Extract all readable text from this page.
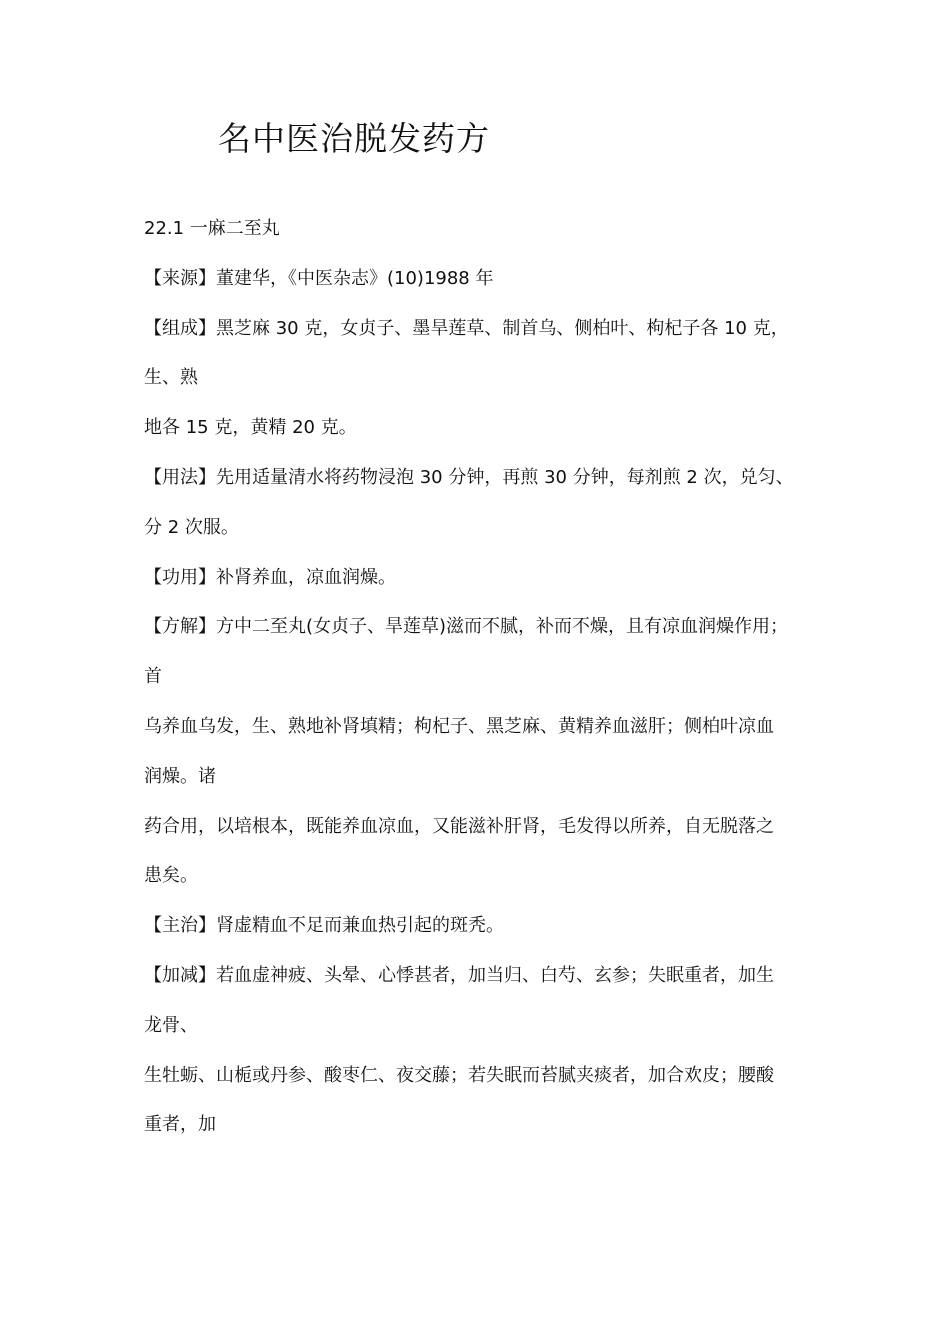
名中医治脱发药方
22.1 一麻二至丸
【来源】董建华，《中医杂志》(10)1988 年
【组成】黑芝麻 30 克，女贞子、墨旱莲草、制首乌、侧柏叶、枸杞子各 10 克，
生、熟
地各 15 克，黄精 20 克。
【用法】先用适量清水将药物浸泡 30 分钟，再煎 30 分钟，每剂煎 2 次，兑匀、
分 2 次服。
【功用】补肾养血，凉血润燥。
【方解】方中二至丸(女贞子、旱莲草)滋而不腻，补而不燥，且有凉血润燥作用；
首
乌养血乌发，生、熟地补肾填精；枸杞子、黑芝麻、黄精养血滋肝；侧柏叶凉血
润燥。诸
药合用，以培根本，既能养血凉血，又能滋补肝肾，毛发得以所养，自无脱落之
患矣。
【主治】肾虚精血不足而兼血热引起的斑秃。
【加减】若血虚神疲、头晕、心悸甚者，加当归、白芍、玄参；失眠重者，加生
龙骨、
生牡蛎、山栀或丹参、酸枣仁、夜交藤；若失眠而苔腻夹痰者，加合欢皮；腰酸
重者，加
